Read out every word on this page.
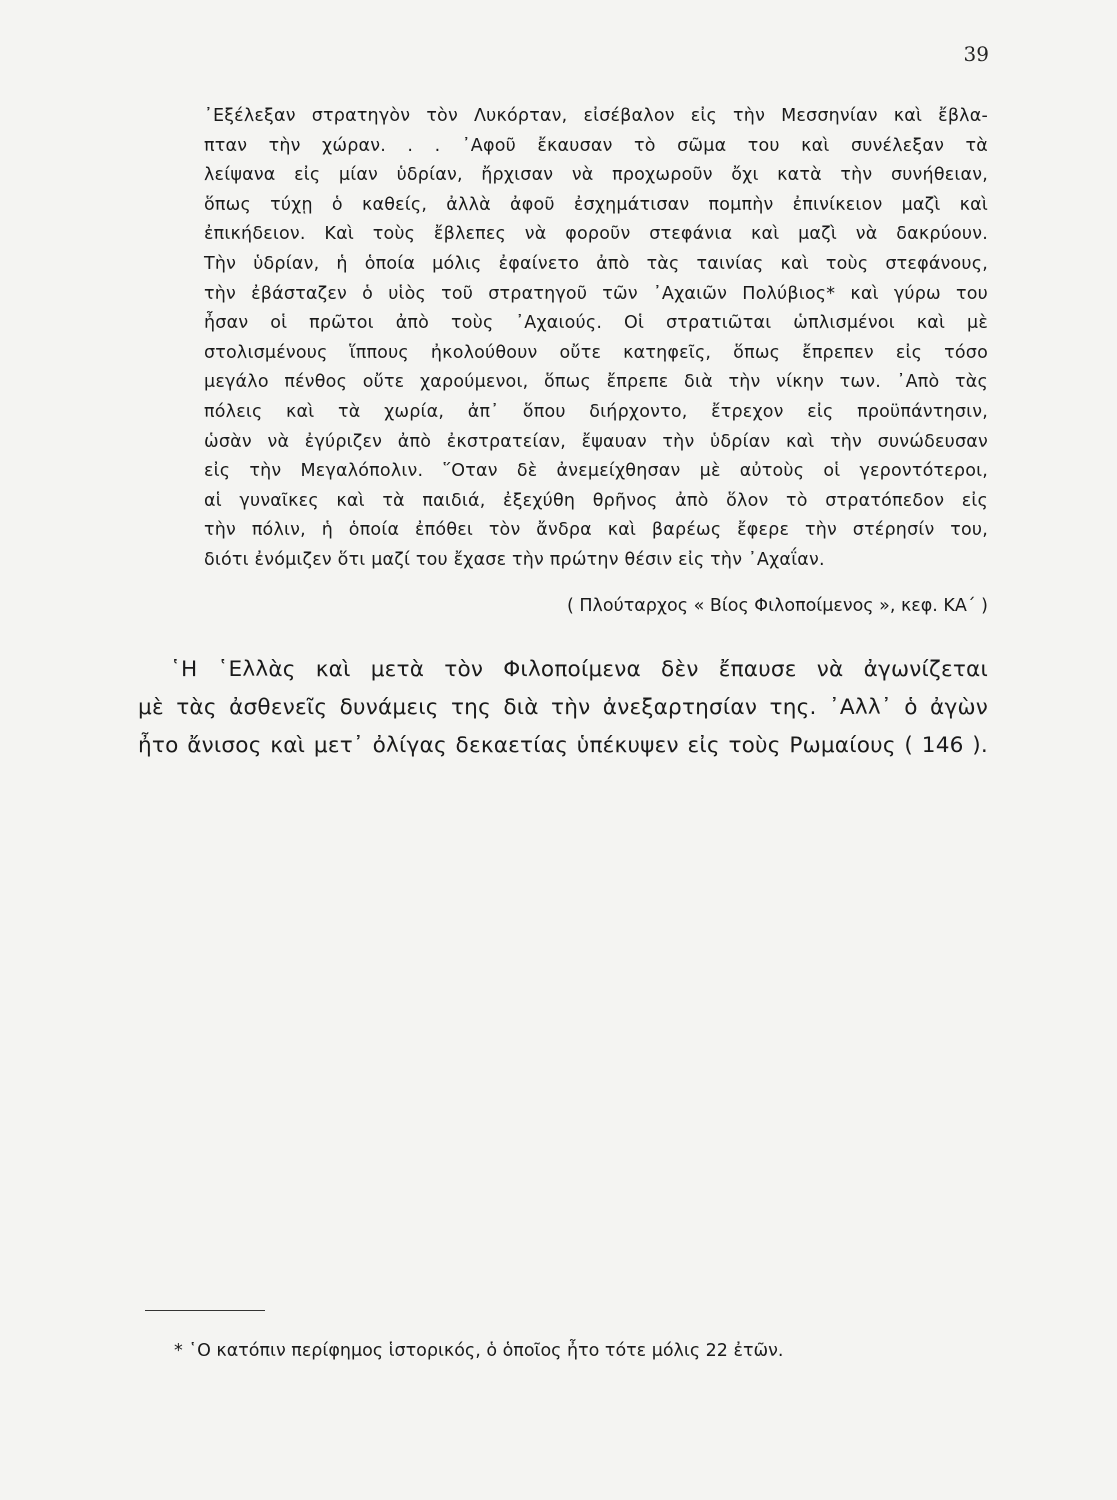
39
᾿Εξέλεξαν στρατηγὸν τὸν Λυκόρταν, εἰσέβαλον εἰς τὴν Μεσσηνίαν καὶ ἔβλα-
πταν τὴν χώραν. . . ᾿Αφοῦ ἔκαυσαν τὸ σῶμα του καὶ συνέλεξαν τὰ
λείψανα εἰς μίαν ὑδρίαν, ἤρχισαν νὰ προχωροῦν ὄχι κατὰ τὴν συνήθειαν,
ὅπως τύχῃ ὁ καθείς, ἀλλὰ ἀφοῦ ἐσχημάτισαν πομπὴν ἐπινίκειον μαζὶ καὶ
ἐπικήδειον. Καὶ τοὺς ἔβλεπες νὰ φοροῦν στεφάνια καὶ μαζὶ νὰ δακρύουν.
Τὴν ὑδρίαν, ἡ ὁποία μόλις ἐφαίνετο ἀπὸ τὰς ταινίας καὶ τοὺς στεφάνους,
τὴν ἐβάσταζεν ὁ υἱὸς τοῦ στρατηγοῦ τῶν ᾿Αχαιῶν Πολύβιος* καὶ γύρω του
ἦσαν οἱ πρῶτοι ἀπὸ τοὺς ᾿Αχαιούς. Οἱ στρατιῶται ὡπλισμένοι καὶ μὲ
στολισμένους ἵππους ἠκολούθουν οὔτε κατηφεῖς, ὅπως ἔπρεπεν εἰς τόσο
μεγάλο πένθος οὔτε χαρούμενοι, ὅπως ἔπρεπε διὰ τὴν νίκην των. ᾿Απὸ τὰς
πόλεις καὶ τὰ χωρία, ἀπ᾿ ὅπου διήρχοντο, ἔτρεχον εἰς προϋπάντησιν,
ὡσὰν νὰ ἐγύριζεν ἀπὸ ἐκστρατείαν, ἔψαυαν τὴν ὑδρίαν καὶ τὴν συνώδευσαν
εἰς τὴν Μεγαλόπολιν. ῞Οταν δὲ ἀνεμείχθησαν μὲ αὐτοὺς οἱ γεροντότεροι,
αἱ γυναῖκες καὶ τὰ παιδιά, ἐξεχύθη θρῆνος ἀπὸ ὅλον τὸ στρατόπεδον εἰς
τὴν πόλιν, ἡ ὁποία ἐπόθει τὸν ἄνδρα καὶ βαρέως ἔφερε τὴν στέρησίν του,
διότι ἐνόμιζεν ὅτι μαζί του ἔχασε τὴν πρώτην θέσιν εἰς τὴν ᾿Αχαΐαν.
( Πλούταρχος « Βίος Φιλοποίμενος », κεφ. ΚΑ΄ )
῾Η ῾Ελλὰς καὶ μετὰ τὸν Φιλοποίμενα δὲν ἔπαυσε νὰ ἀγωνίζεται
μὲ τὰς ἀσθενεῖς δυνάμεις της διὰ τὴν ἀνεξαρτησίαν της. ᾿Αλλ᾿ ὁ ἀγὼν
ἦτο ἄνισος καὶ μετ᾿ ὀλίγας δεκαετίας ὑπέκυψεν εἰς τοὺς Ρωμαίους ( 146 ).
* ῾Ο κατόπιν περίφημος ἱστορικός, ὁ ὁποῖος ἦτο τότε μόλις 22 ἐτῶν.
